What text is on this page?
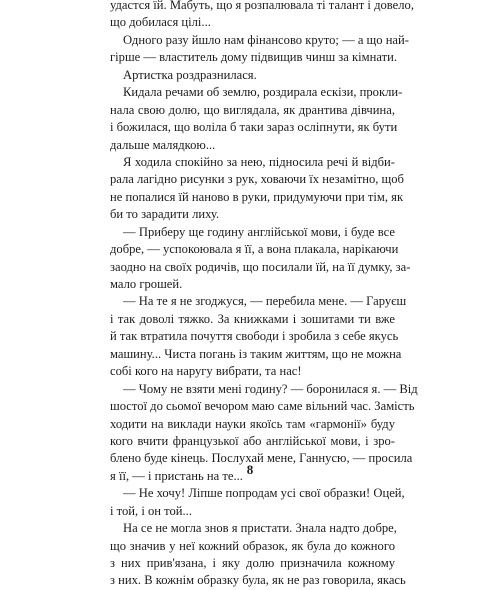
удастся їй. Мабуть, що я розпалювала ті талант і довело,
що добилася цілі...
Одного разу йшло нам фінансово круто; — а що най-
гірше — властитель дому підвищив чинш за кімнати.
Артистка роздразнилася.
Кидала речами об землю, роздирала ескізи, прокли-
нала свою долю, що виглядала, як дрантива дівчина,
і божилася, що воліла б таки зараз осліпнути, як бути
дальше малядкою...
Я ходила спокійно за нею, підносила речі й відби-
рала лагідно рисунки з рук, ховаючи їх незамітно, щоб
не попалися їй наново в руки, придумуючи при тім, як
би то зарадити лиху.
— Приберу ще годину англійської мови, і буде все
добре, — успокоювала я її, а вона плакала, нарікаючи
заодно на своїх родичів, що посилали їй, на її думку, за-
мало грошей.
— На те я не згоджуся, — перебила мене. — Гаруєш
і так доволі тяжко. За книжками і зошитами ти вже
й так втратила почуття свободи і зробила з себе якусь
машину... Чиста погань із таким життям, що не можна
собі кого на наругу вибрати, та нас!
— Чому не взяти мені годину? — боронилася я. — Від
шостої до сьомої вечором маю саме вільний час. Замість
ходити на виклади науки якоїсь там «гармонії» буду
кого вчити французької або англійської мови, і зро-
блено буде кінець. Послухай мене, Ганнусю, — просила
я її, — і пристань на те...
— Не хочу! Ліпше попродам усі свої образки! Оцей,
і той, і он той...
На се не могла знов я пристати. Знала надто добре,
що значив у неї кожний образок, як була до кожного
з них прив'язана, і яку долю призначила кожному
з них. В кожнім образку була, як не раз говорила, якась
8
